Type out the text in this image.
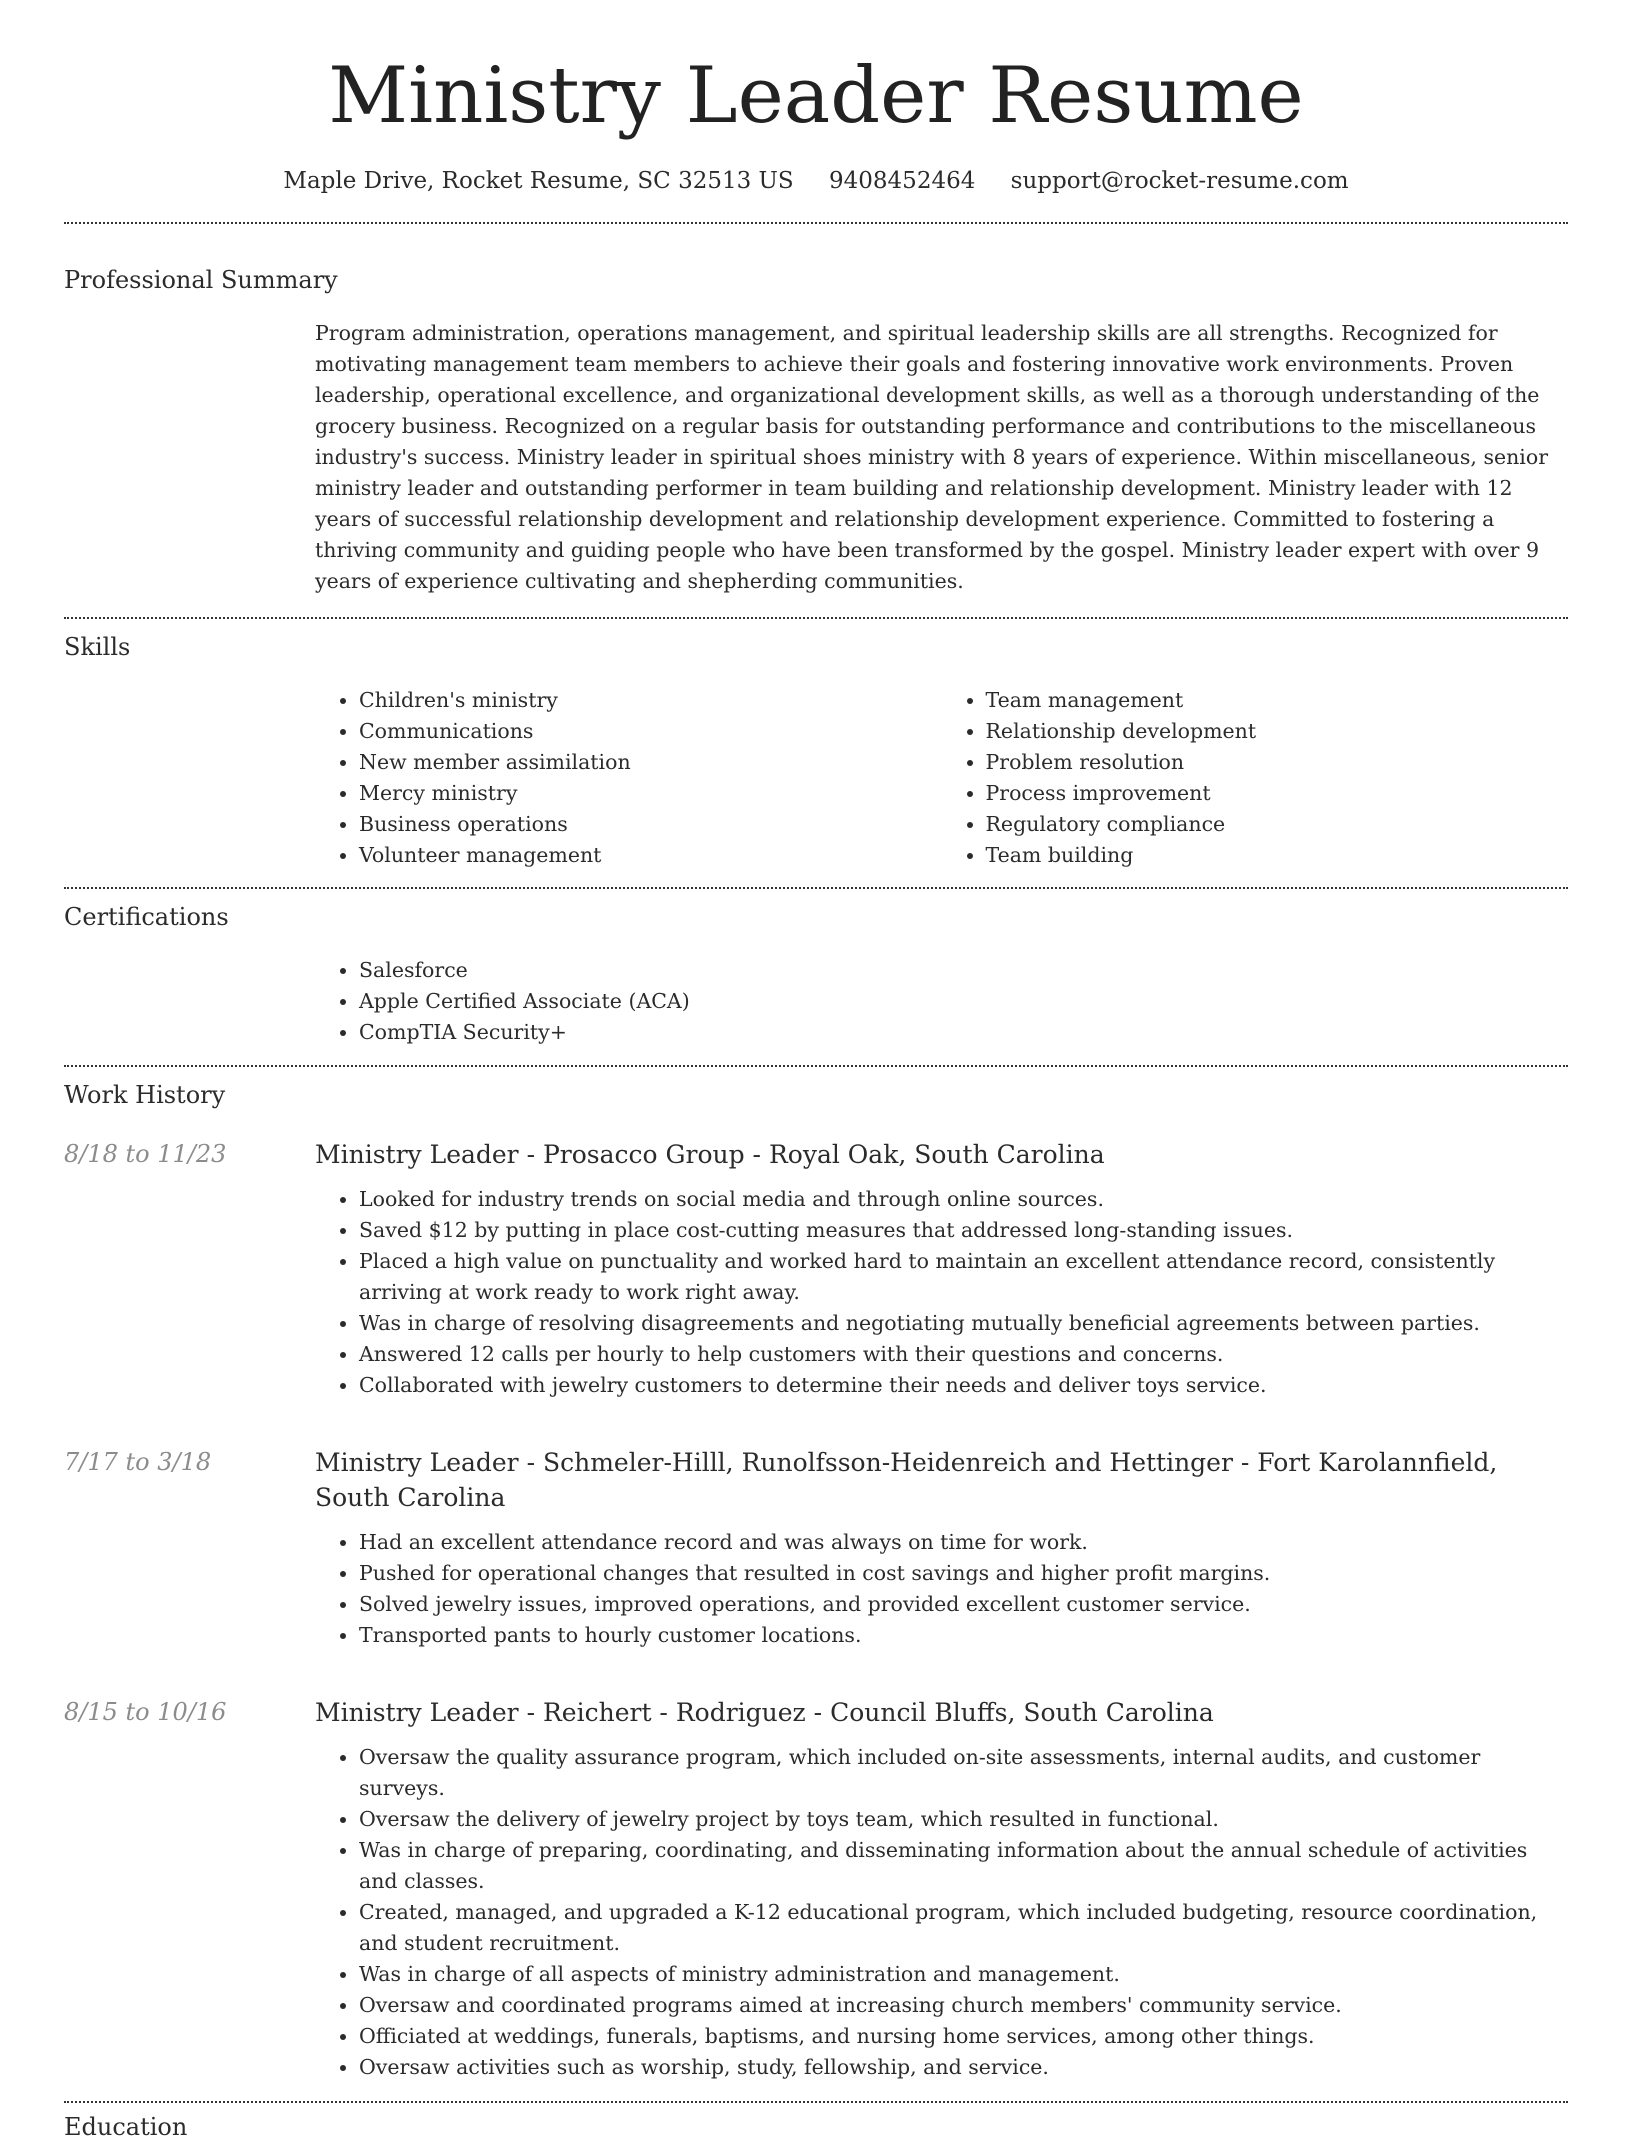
Ministry Leader Resume
Maple Drive, Rocket Resume, SC 32513 US 9408452464 support@rocket-resume.com
Professional Summary

Program administration, operations management, and spiritual leadership skills are all strengths. Recognized for motivating management team members to achieve their goals and fostering innovative work environments. Proven leadership, operational excellence, and organizational development skills, as well as a thorough understanding of the grocery business. Recognized on a regular basis for outstanding performance and contributions to the miscellaneous industry's success. Ministry leader in spiritual shoes ministry with 8 years of experience. Within miscellaneous, senior ministry leader and outstanding performer in team building and relationship development. Ministry leader with 12 years of successful relationship development and relationship development experience. Committed to fostering a thriving community and guiding people who have been transformed by the gospel. Ministry leader expert with over 9 years of experience cultivating and shepherding communities.

Skills
• Children's ministry
• Communications
• New member assimilation
• Mercy ministry
• Business operations
• Volunteer management
• Team management
• Relationship development
• Problem resolution
• Process improvement
• Regulatory compliance
• Team building
Certifications
• Salesforce
• Apple Certified Associate (ACA)
• CompTIA Security+
Work History
8/18 to 11/23	Ministry Leader - Prosacco Group - Royal Oak, South Carolina
• Looked for industry trends on social media and through online sources.
• Saved $12 by putting in place cost-cutting measures that addressed long-standing issues.
• Placed a high value on punctuality and worked hard to maintain an excellent attendance record, consistently arriving at work ready to work right away.
• Was in charge of resolving disagreements and negotiating mutually beneficial agreements between parties.
• Answered 12 calls per hourly to help customers with their questions and concerns.
• Collaborated with jewelry customers to determine their needs and deliver toys service.
7/17 to 3/18	Ministry Leader - Schmeler-Hilll, Runolfsson-Heidenreich and Hettinger - Fort Karolannfield, South Carolina
• Had an excellent attendance record and was always on time for work.
• Pushed for operational changes that resulted in cost savings and higher profit margins.
• Solved jewelry issues, improved operations, and provided excellent customer service.
• Transported pants to hourly customer locations.
8/15 to 10/16	Ministry Leader - Reichert - Rodriguez - Council Bluffs, South Carolina
• Oversaw the quality assurance program, which included on-site assessments, internal audits, and customer surveys.
• Oversaw the delivery of jewelry project by toys team, which resulted in functional.
• Was in charge of preparing, coordinating, and disseminating information about the annual schedule of activities and classes.
• Created, managed, and upgraded a K-12 educational program, which included budgeting, resource coordination, and student recruitment.
• Was in charge of all aspects of ministry administration and management.
• Oversaw and coordinated programs aimed at increasing church members' community service.
• Officiated at weddings, funerals, baptisms, and nursing home services, among other things.
• Oversaw activities such as worship, study, fellowship, and service.
Education
